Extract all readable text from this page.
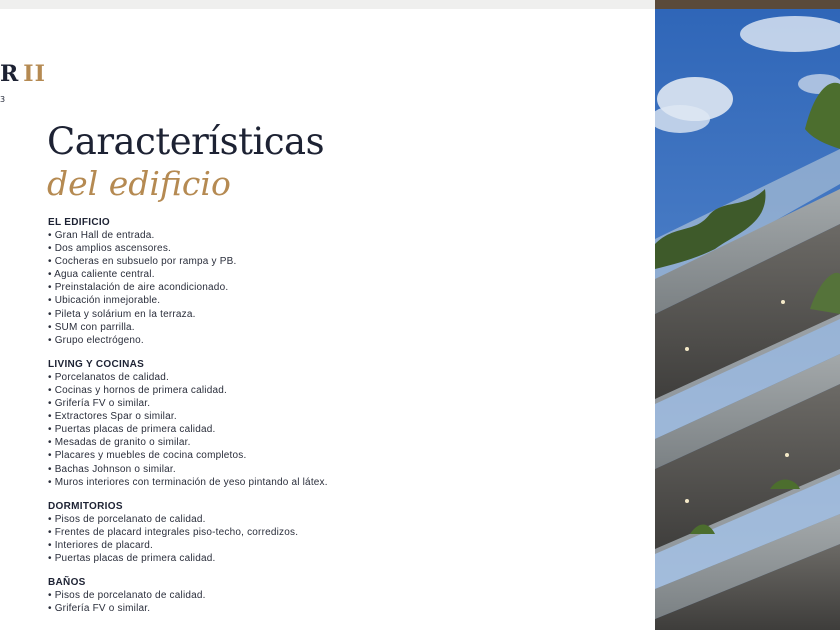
R II
3
Características
del edificio
EL EDIFICIO
• Gran Hall de entrada.
• Dos amplios ascensores.
• Cocheras en subsuelo por rampa y PB.
• Agua caliente central.
• Preinstalación de aire acondicionado.
• Ubicación inmejorable.
• Pileta y solárium en la terraza.
• SUM con parrilla.
• Grupo electrógeno.
LIVING Y COCINAS
• Porcelanatos de calidad.
• Cocinas y hornos de primera calidad.
• Grifería FV o similar.
• Extractores Spar o similar.
• Puertas placas de primera calidad.
• Mesadas de granito o similar.
• Placares y muebles de cocina completos.
• Bachas Johnson o similar.
• Muros interiores con terminación de yeso pintando al látex.
DORMITORIOS
• Pisos de porcelanato de calidad.
• Frentes de placard integrales piso-techo, corredizos.
• Interiores de placard.
• Puertas placas de primera calidad.
BAÑOS
• Pisos de porcelanato de calidad.
• Grifería FV o similar.
